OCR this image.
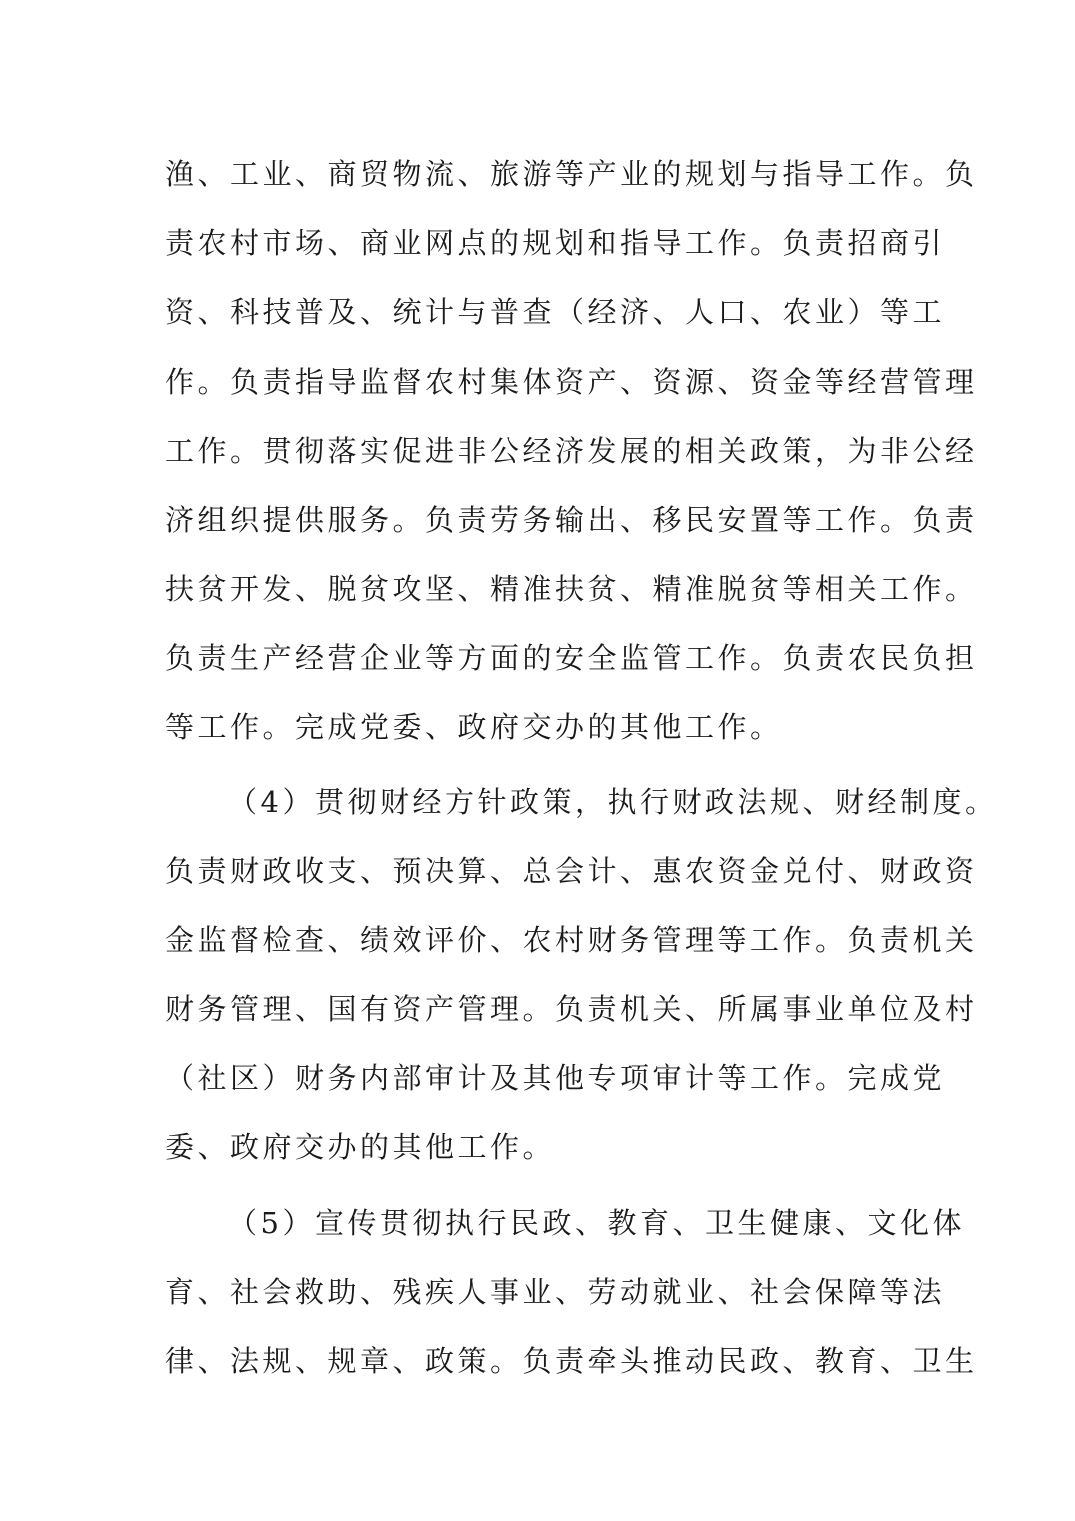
渔、工业、商贸物流、旅游等产业的规划与指导工作。负
责农村市场、商业网点的规划和指导工作。负责招商引
资、科技普及、统计与普查（经济、人口、农业）等工
作。负责指导监督农村集体资产、资源、资金等经营管理
工作。贯彻落实促进非公经济发展的相关政策，为非公经
济组织提供服务。负责劳务输出、移民安置等工作。负责
扶贫开发、脱贫攻坚、精准扶贫、精准脱贫等相关工作。
负责生产经营企业等方面的安全监管工作。负责农民负担
等工作。完成党委、政府交办的其他工作。
（4）贯彻财经方针政策，执行财政法规、财经制度。
负责财政收支、预决算、总会计、惠农资金兑付、财政资
金监督检查、绩效评价、农村财务管理等工作。负责机关
财务管理、国有资产管理。负责机关、所属事业单位及村
（社区）财务内部审计及其他专项审计等工作。完成党
委、政府交办的其他工作。
（5）宣传贯彻执行民政、教育、卫生健康、文化体
育、社会救助、残疾人事业、劳动就业、社会保障等法
律、法规、规章、政策。负责牵头推动民政、教育、卫生
